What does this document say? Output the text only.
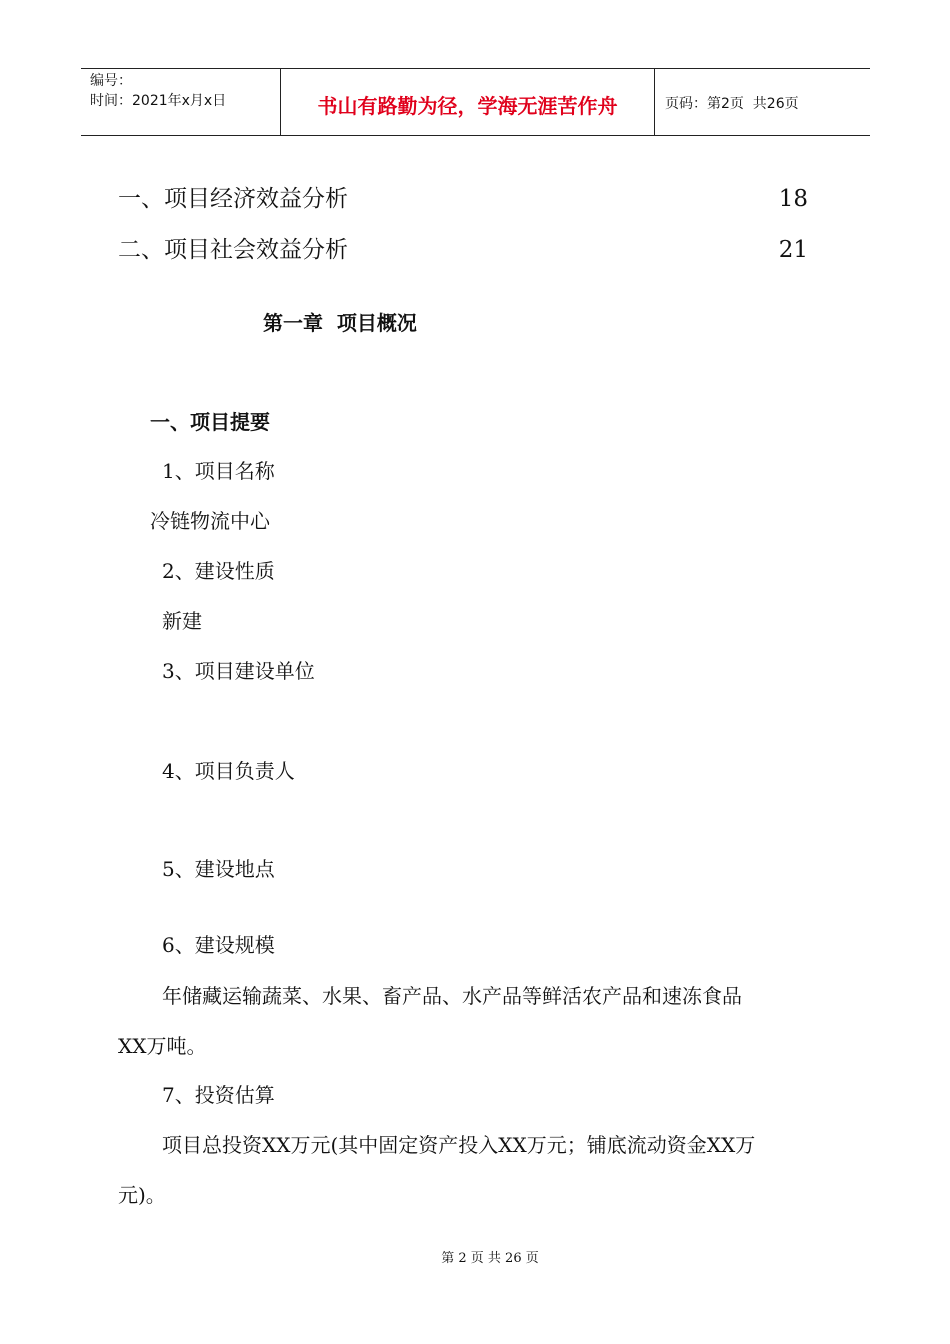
编号：
时间：2021年x月x日	书山有路勤为径，学海无涯苦作舟	页码：第2页  共26页
一、项目经济效益分析	18
二、项目社会效益分析	21
第一章  项目概况
一、项目提要
1、项目名称
冷链物流中心
2、建设性质
新建
3、项目建设单位
4、项目负责人
5、建设地点
6、建设规模
年储藏运输蔬菜、水果、畜产品、水产品等鲜活农产品和速冻食品
XX万吨。
7、投资估算
项目总投资XX万元(其中固定资产投入XX万元；铺底流动资金XX万
元)。
第 2 页 共 26 页
